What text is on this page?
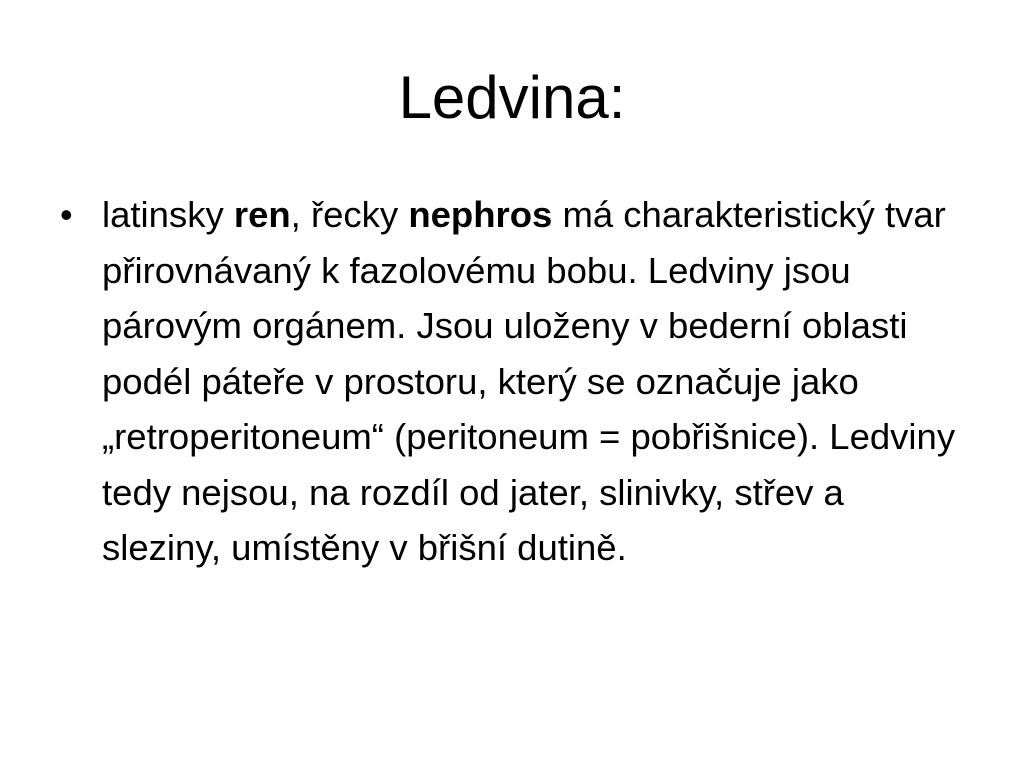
Ledvina:
• latinsky ren, řecky nephros má charakteristický tvar přirovnávaný k fazolovému bobu. Ledviny jsou párovým orgánem. Jsou uloženy v bederní oblasti podél páteře v prostoru, který se označuje jako „retroperitoneum“ (peritoneum = pobřišnice). Ledviny tedy nejsou, na rozdíl od jater, slinivky, střev a sleziny, umístěny v břišní dutině.
